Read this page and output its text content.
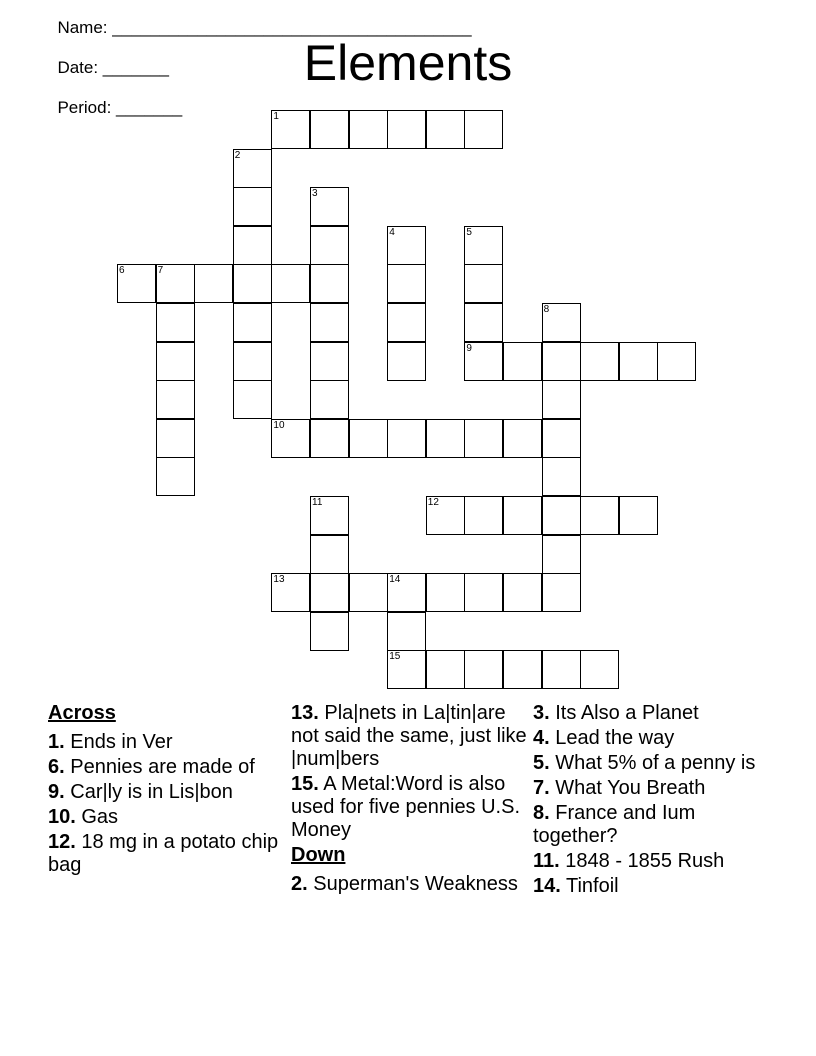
Name: ______________________________________

Date: _______

Period: _______

Elements
1
2
3
4	5
9
6	7
8
10
11	12
13	14
15
Across
1. Ends in Ver
6. Pennies are made of
9. Car|ly is in Lis|bon
10. Gas
12. 18 mg in a potato chip bag
13. Pla|nets in La|tin|are not said the same, just like |num|bers
15. A Metal:Word is also used for five pennies U.S. Money
Down
2. Superman's Weakness
3. Its Also a Planet
4. Lead the way
5. What 5% of a penny is
7. What You Breath
8. France and Ium together?
11. 1848 - 1855 Rush
14. Tinfoil
